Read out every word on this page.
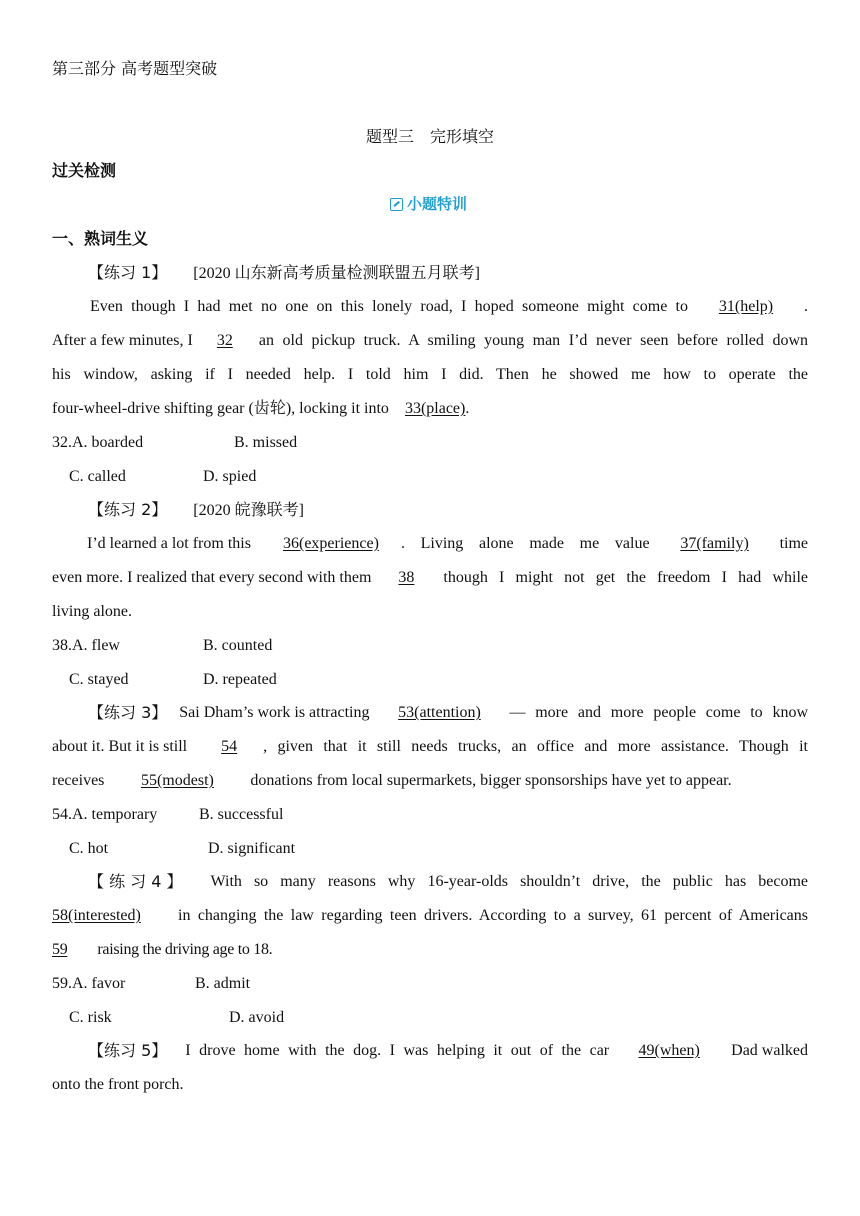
第三部分 高考题型突破
题型三　完形填空
过关检测
小题特训
一、熟词生义
【练习 1】 [2020 山东新高考质量检测联盟五月联考]
Even though I had met no one on this lonely road, I hoped someone might come to	31(help)	.
After a few minutes, I	32	an old pickup truck. A smiling young man I’d never seen before rolled down
his window, asking if I needed help. I told him I did. Then he showed me how to operate the
four-wheel-drive shifting gear (齿轮), locking it into 33(place).
32.A. boarded	B. missed
C. called	D. spied
【练习 2】 [2020 皖豫联考]
I’d learned a lot from this	36(experience)	. Living alone made me value	37(family)	time
even more. I realized that every second with them	38	though I might not get the freedom I had while
living alone.
38.A. flew	B. counted
C. stayed	D. repeated
【练习 3】 Sai Dham’s work is attracting	53(attention)	— more and more people come to know
about it. But it is still	54	, given that it still needs trucks, an office and more assistance. Though it
receives 55(modest) donations from local supermarkets, bigger sponsorships have yet to appear.
54.A. temporary	B. successful
C. hot	D. significant
【 练 习 4 】 With so many reasons why 16-year-olds shouldn’t drive, the public has become
58(interested)	in changing the law regarding teen drivers. According to a survey, 61 percent of Americans
59 raising the driving age to 18.
59.A. favor	B. admit
C. risk	D. avoid
【练习 5】 I drove home with the dog. I was helping it out of the car	49(when)	Dad walked
onto the front porch.
